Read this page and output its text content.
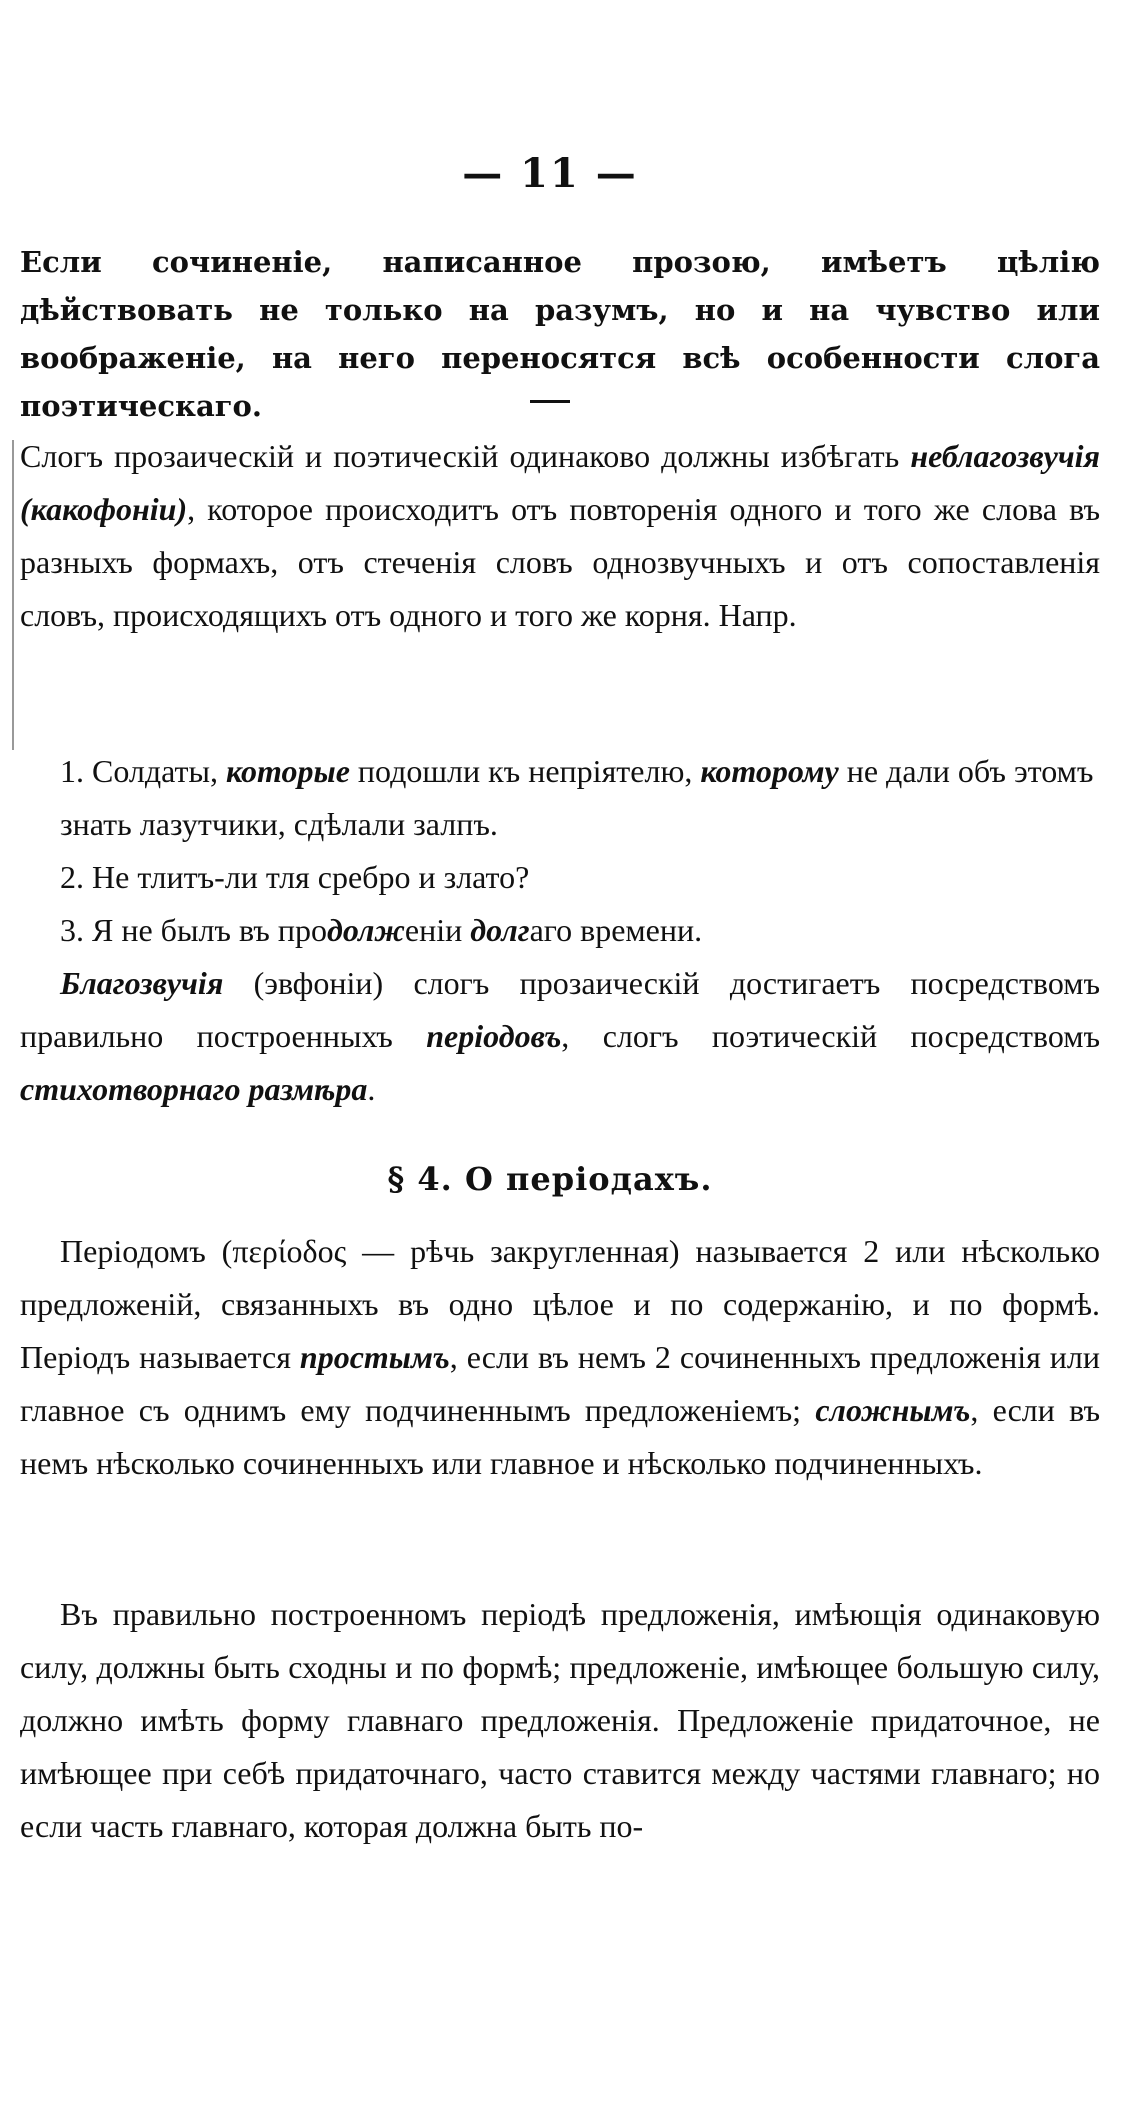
— 11 —
Если сочиненіе, написанное прозою, имѣетъ цѣлію дѣйствовать не только на разумъ, но и на чувство или воображеніе, на него переносятся всѣ особенности слога поэтическаго.
Слогъ прозаическій и поэтическій одинаково должны избѣгать неблагозвучія (какофоніи), которое происходитъ отъ повторенія одного и того же слова въ разныхъ формахъ, отъ стеченія словъ однозвучныхъ и отъ сопоставленія словъ, происходящихъ отъ одного и того же корня. Напр.
1. Солдаты, которые подошли къ непріятелю, которому не дали объ этомъ знать лазутчики, сдѣлали залпъ.
2. Не тлитъ-ли тля сребро и злато?
3. Я не былъ въ продолженіи долгаго времени.
Благозвучія (эвфоніи) слогъ прозаическій достигаетъ посредствомъ правильно построенныхъ періодовъ, слогъ поэтическій посредствомъ стихотворнаго размѣра.
§ 4. О періодахъ.
Періодомъ (περίοδος — рѣчь закругленная) называется 2 или нѣсколько предложеній, связанныхъ въ одно цѣлое и по содержанію, и по формѣ. Періодъ называется простымъ, если въ немъ 2 сочиненныхъ предложенія или главное съ однимъ ему подчиненнымъ предложеніемъ; сложнымъ, если въ немъ нѣсколько сочиненныхъ или главное и нѣсколько подчиненныхъ.
Въ правильно построенномъ періодѣ предложенія, имѣющія одинаковую силу, должны быть сходны и по формѣ; предложеніе, имѣющее большую силу, должно имѣть форму главнаго предложенія. Предложеніе придаточное, не имѣющее при себѣ придаточнаго, часто ставится между частями главнаго; но если часть главнаго, которая должна быть по-
